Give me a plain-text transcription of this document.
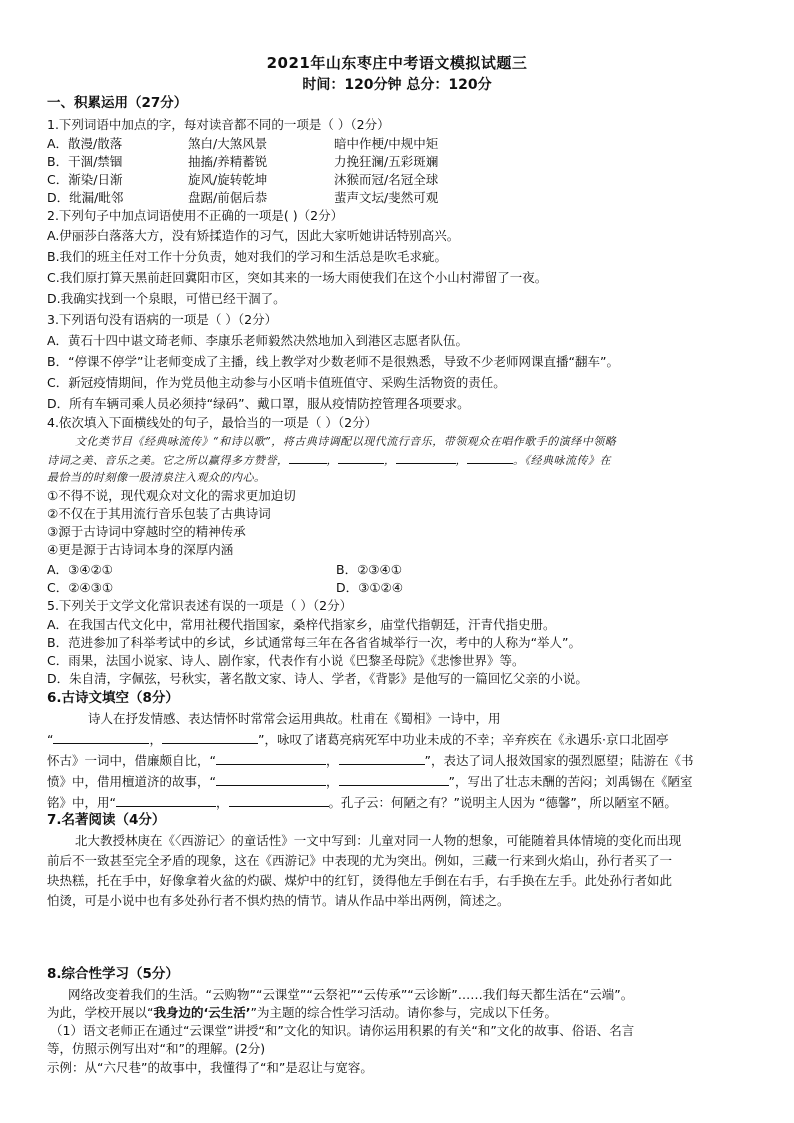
2021年山东枣庄中考语文模拟试题三
时间：120分钟 总分：120分
一、积累运用（27分）
1.下列词语中加点的字，每对读音都不同的一项是（ ）（2分）
A．散漫/散落	煞白/大煞风景	暗中作梗/中规中矩
B．干涸/禁锢	抽搐/养精蓄锐	力挽狂澜/五彩斑斓
C．渐染/日渐	旋风/旋转乾坤	沐猴而冠/名冠全球
D．纰漏/毗邻	盘踞/前倨后恭	蜚声文坛/斐然可观
2.下列句子中加点词语使用不正确的一项是( )（2分）
A.伊丽莎白落落大方，没有矫揉造作的习气，因此大家听她讲话特别高兴。
B.我们的班主任对工作十分负责，她对我们的学习和生活总是吹毛求疵。
C.我们原打算天黑前赶回冀阳市区，突如其来的一场大雨使我们在这个小山村滞留了一夜。
D.我确实找到一个泉眼，可惜已经干涸了。
3.下列语句没有语病的一项是（ ）（2分）
A．黄石十四中谌文琦老师、李康乐老师毅然决然地加入到港区志愿者队伍。
B．“停课不停学”让老师变成了主播，线上教学对少数老师不是很熟悉，导致不少老师网课直播“翻车”。
C．新冠疫情期间，作为党员他主动参与小区哨卡值班值守、采购生活物资的责任。
D．所有车辆司乘人员必须持“绿码”、戴口罩，服从疫情防控管理各项要求。
4.依次填入下面横线处的句子，最恰当的一项是（ ）（2分）
文化类节目《经典咏流传》“和诗以歌”，将古典诗调配以现代流行音乐，带领观众在唱作歌手的演绎中领略
诗词之美、音乐之美。它之所以赢得多方赞誉，	，	，	，	。《经典咏流传》在
最恰当的时刻像一股清泉注入观众的内心。
①不得不说，现代观众对文化的需求更加迫切
②不仅在于其用流行音乐包装了古典诗词
③源于古诗词中穿越时空的精神传承
④更是源于古诗词本身的深厚内涵
A．③④②①	B．②③④①
C．②④③①	D．③①②④
5.下列关于文学文化常识表述有误的一项是（ ）（2分）
A．在我国古代文化中，常用社稷代指国家，桑梓代指家乡，庙堂代指朝廷，汗青代指史册。
B．范进参加了科举考试中的乡试，乡试通常每三年在各省省城举行一次，考中的人称为“举人”。
C．雨果，法国小说家、诗人、剧作家，代表作有小说《巴黎圣母院》《悲惨世界》等。
D．朱自清，字佩弦，号秋实，著名散文家、诗人、学者，《背影》是他写的一篇回忆父亲的小说。
6.古诗文填空（8分）
诗人在抒发情感、表达情怀时常常会运用典故。杜甫在《蜀相》一诗中，用
“	，	”，咏叹了诸葛亮病死军中功业未成的不幸；辛弃疾在《永遇乐·京口北固亭
怀古》一词中，借廉颇自比，“	，	”，表达了词人报效国家的强烈愿望；陆游在《书
愤》中，借用檀道济的故事，“	，	”，写出了壮志未酬的苦闷；刘禹锡在《陋室
铭》中，用“	，	。孔子云：何陋之有？”说明主人因为 “德馨”，所以陋室不陋。
7.名著阅读（4分）
北大教授林庚在《〈西游记〉的童话性》一文中写到：儿童对同一人物的想象，可能随着具体情境的变化而出现
前后不一致甚至完全矛盾的现象，这在《西游记》中表现的尤为突出。例如，三藏一行来到火焰山，孙行者买了一
块热糕，托在手中，好像拿着火盆的灼碳、煤炉中的红钉，烫得他左手倒在右手，右手换在左手。此处孙行者如此
怕烫，可是小说中也有多处孙行者不惧灼热的情节。请从作品中举出两例，简述之。
8.综合性学习（5分）
网络改变着我们的生活。“云购物”“云课堂”“云祭祀”“云传承”“云诊断”……我们每天都生活在“云端”。
为此，学校开展以“我身边的‘云生活’”为主题的综合性学习活动。请你参与，完成以下任务。
（1）语文老师正在通过“云课堂”讲授“和”文化的知识。请你运用积累的有关“和”文化的故事、俗语、名言
等，仿照示例写出对“和”的理解。(2分)
示例：从“六尺巷”的故事中，我懂得了“和”是忍让与宽容。
